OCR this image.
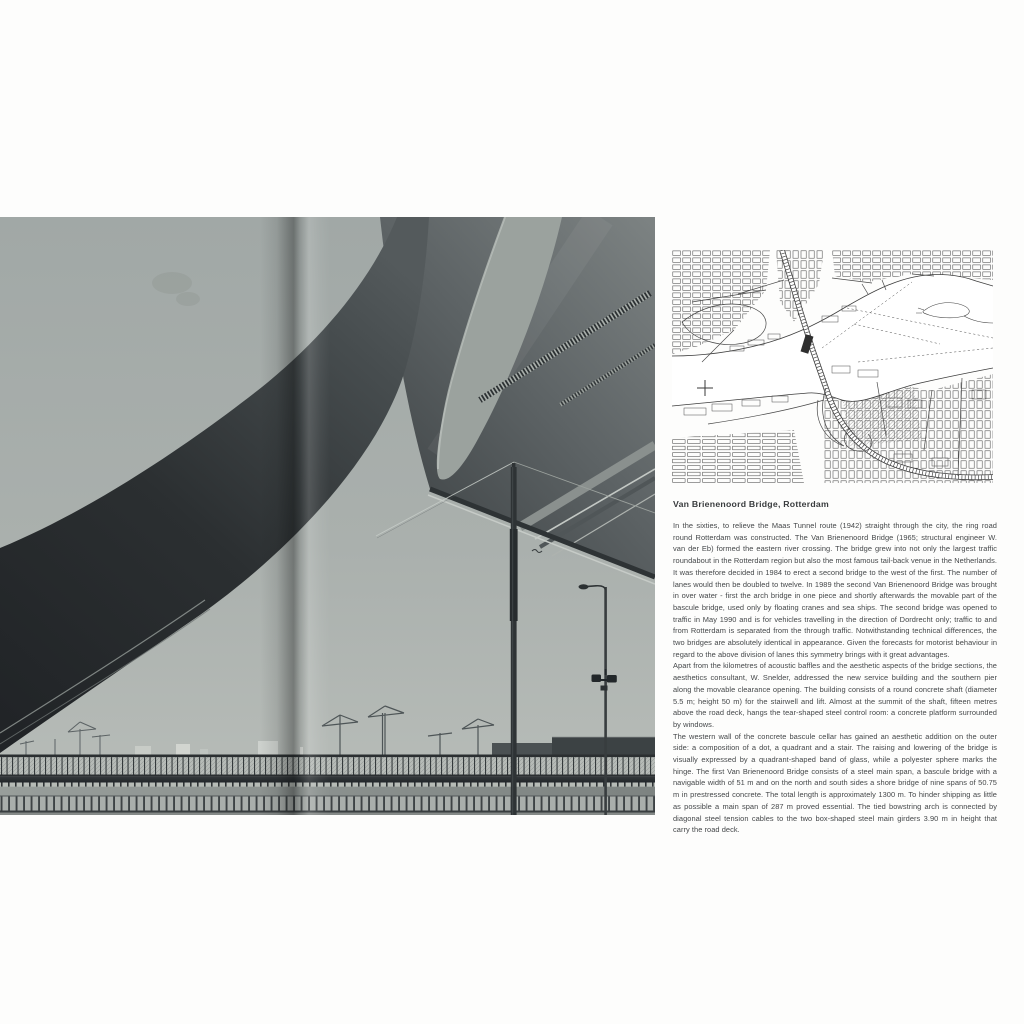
Van Brienenoord Bridge, Rotterdam

In the sixties, to relieve the Maas Tunnel route (1942) straight through the city, the ring road round Rotterdam was constructed. The Van Brienenoord Bridge (1965; structural engineer W. van der Eb) formed the eastern river crossing. The bridge grew into not only the largest traffic roundabout in the Rotterdam region but also the most famous tail-back venue in the Netherlands. It was therefore decided in 1984 to erect a second bridge to the west of the first. The number of lanes would then be doubled to twelve. In 1989 the second Van Brienenoord Bridge was brought in over water - first the arch bridge in one piece and shortly afterwards the movable part of the bascule bridge, used only by floating cranes and sea ships. The second bridge was opened to traffic in May 1990 and is for vehicles travelling in the direction of Dordrecht only; traffic to and from Rotterdam is separated from the through traffic. Notwithstanding technical differences, the two bridges are absolutely identical in appearance. Given the forecasts for motorist behaviour in regard to the above division of lanes this symmetry brings with it great advantages.

Apart from the kilometres of acoustic baffles and the aesthetic aspects of the bridge sections, the aesthetics consultant, W. Snelder, addressed the new service building and the southern pier along the movable clearance opening. The building consists of a round concrete shaft (diameter 5.5 m; height 50 m) for the stairwell and lift. Almost at the summit of the shaft, fifteen metres above the road deck, hangs the tear-shaped steel control room: a concrete platform surrounded by windows.

The western wall of the concrete bascule cellar has gained an aesthetic addition on the outer side: a composition of a dot, a quadrant and a stair. The raising and lowering of the bridge is visually expressed by a quadrant-shaped band of glass, while a polyester sphere marks the hinge. The first Van Brienenoord Bridge consists of a steel main span, a bascule bridge with a navigable width of 51 m and on the north and south sides a shore bridge of nine spans of 50.75 m in prestressed concrete. The total length is approximately 1300 m. To hinder shipping as little as possible a main span of 287 m proved essential. The tied bowstring arch is connected by diagonal steel tension cables to the two box-shaped steel main girders 3.90 m in height that carry the road deck.
